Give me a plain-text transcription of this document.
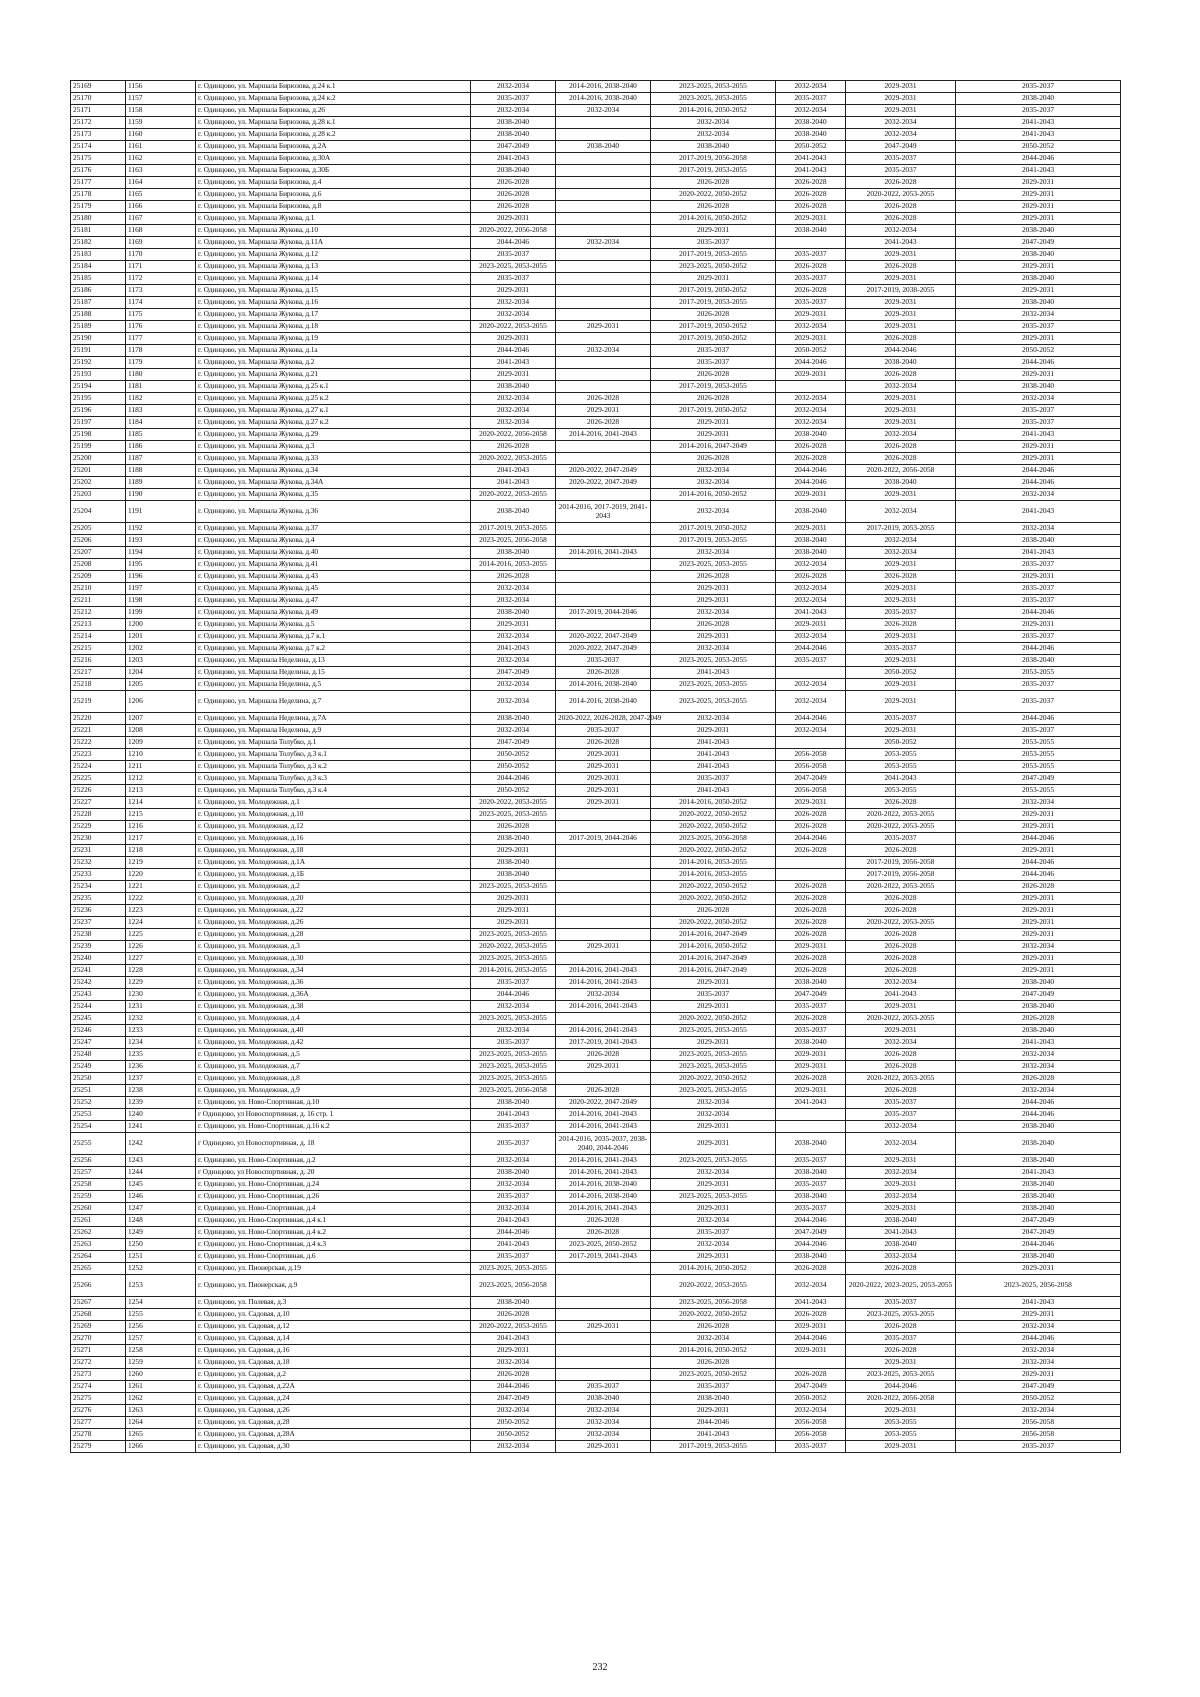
25169	1156	г. Одинцово, ул. Маршала Бирюзова, д.24 к.1	2032-2034	2014-2016, 2038-2040	2023-2025, 2053-2055	2032-2034	2029-2031	2035-2037
25170	1157	г. Одинцово, ул. Маршала Бирюзова, д.24 к.2	2035-2037	2014-2016, 2038-2040	2023-2025, 2053-2055	2035-2037	2029-2031	2038-2040
25171	1158	г. Одинцово, ул. Маршала Бирюзова, д.26	2032-2034	2032-2034	2014-2016, 2050-2052	2032-2034	2029-2031	2035-2037
25172	1159	г. Одинцово, ул. Маршала Бирюзова, д.28 к.1	2038-2040		2032-2034	2038-2040	2032-2034	2041-2043
25173	1160	г. Одинцово, ул. Маршала Бирюзова, д.28 к.2	2038-2040		2032-2034	2038-2040	2032-2034	2041-2043
25174	1161	г. Одинцово, ул. Маршала Бирюзова, д.2А	2047-2049	2038-2040	2038-2040	2050-2052	2047-2049	2050-2052
25175	1162	г. Одинцово, ул. Маршала Бирюзова, д.30А	2041-2043		2017-2019, 2056-2058	2041-2043	2035-2037	2044-2046
25176	1163	г. Одинцово, ул. Маршала Бирюзова, д.30Б	2038-2040		2017-2019, 2053-2055	2041-2043	2035-2037	2041-2043
25177	1164	г. Одинцово, ул. Маршала Бирюзова, д.4	2026-2028		2026-2028	2026-2028	2026-2028	2029-2031
25178	1165	г. Одинцово, ул. Маршала Бирюзова, д.6	2026-2028		2020-2022, 2050-2052	2026-2028	2020-2022, 2053-2055	2029-2031
25179	1166	г. Одинцово, ул. Маршала Бирюзова, д.8	2026-2028		2026-2028	2026-2028	2026-2028	2029-2031
25180	1167	г. Одинцово, ул. Маршала Жукова, д.1	2029-2031		2014-2016, 2050-2052	2029-2031	2026-2028	2029-2031
25181	1168	г. Одинцово, ул. Маршала Жукова, д.10	2020-2022, 2056-2058		2029-2031	2038-2040	2032-2034	2038-2040
25182	1169	г. Одинцово, ул. Маршала Жукова, д.11А	2044-2046	2032-2034	2035-2037		2041-2043	2047-2049
25183	1170	г. Одинцово, ул. Маршала Жукова, д.12	2035-2037		2017-2019, 2053-2055	2035-2037	2029-2031	2038-2040
25184	1171	г. Одинцово, ул. Маршала Жукова, д.13	2023-2025, 2053-2055		2023-2025, 2050-2052	2026-2028	2026-2028	2029-2031
25185	1172	г. Одинцово, ул. Маршала Жукова, д.14	2035-2037		2029-2031	2035-2037	2029-2031	2038-2040
25186	1173	г. Одинцово, ул. Маршала Жукова, д.15	2029-2031		2017-2019, 2050-2052	2026-2028	2017-2019, 2038-2055	2029-2031
25187	1174	г. Одинцово, ул. Маршала Жукова, д.16	2032-2034		2017-2019, 2053-2055	2035-2037	2029-2031	2038-2040
25188	1175	г. Одинцово, ул. Маршала Жукова, д.17	2032-2034		2026-2028	2029-2031	2029-2031	2032-2034
25189	1176	г. Одинцово, ул. Маршала Жукова, д.18	2020-2022, 2053-2055	2029-2031	2017-2019, 2050-2052	2032-2034	2029-2031	2035-2037
25190	1177	г. Одинцово, ул. Маршала Жукова, д.19	2029-2031		2017-2019, 2050-2052	2029-2031	2026-2028	2029-2031
25191	1178	г. Одинцово, ул. Маршала Жукова, д.1а	2044-2046	2032-2034	2035-2037	2050-2052	2044-2046	2050-2052
25192	1179	г. Одинцово, ул. Маршала Жукова, д.2	2041-2043		2035-2037	2044-2046	2038-2040	2044-2046
25193	1180	г. Одинцово, ул. Маршала Жукова, д.21	2029-2031		2026-2028	2029-2031	2026-2028	2029-2031
25194	1181	г. Одинцово, ул. Маршала Жукова, д.25 к.1	2038-2040		2017-2019, 2053-2055		2032-2034	2038-2040
25195	1182	г. Одинцово, ул. Маршала Жукова, д.25 к.2	2032-2034	2026-2028	2026-2028	2032-2034	2029-2031	2032-2034
25196	1183	г. Одинцово, ул. Маршала Жукова, д.27 к.1	2032-2034	2029-2031	2017-2019, 2050-2052	2032-2034	2029-2031	2035-2037
25197	1184	г. Одинцово, ул. Маршала Жукова, д.27 к.2	2032-2034	2026-2028	2029-2031	2032-2034	2029-2031	2035-2037
25198	1185	г. Одинцово, ул. Маршала Жукова, д.29	2020-2022, 2056-2058	2014-2016, 2041-2043	2029-2031	2038-2040	2032-2034	2041-2043
25199	1186	г. Одинцово, ул. Маршала Жукова, д.3	2026-2028		2014-2016, 2047-2049	2026-2028	2026-2028	2029-2031
25200	1187	г. Одинцово, ул. Маршала Жукова, д.33	2020-2022, 2053-2055		2026-2028	2026-2028	2026-2028	2029-2031
25201	1188	г. Одинцово, ул. Маршала Жукова, д.34	2041-2043	2020-2022, 2047-2049	2032-2034	2044-2046	2020-2022, 2056-2058	2044-2046
25202	1189	г. Одинцово, ул. Маршала Жукова, д.34А	2041-2043	2020-2022, 2047-2049	2032-2034	2044-2046	2038-2040	2044-2046
25203	1190	г. Одинцово, ул. Маршала Жукова, д.35	2020-2022, 2053-2055		2014-2016, 2050-2052	2029-2031	2029-2031	2032-2034
25204	1191	г. Одинцово, ул. Маршала Жукова, д.36	2038-2040	2014-2016, 2017-2019, 2041-2043	2032-2034	2038-2040	2032-2034	2041-2043
25205	1192	г. Одинцово, ул. Маршала Жукова, д.37	2017-2019, 2053-2055		2017-2019, 2050-2052	2029-2031	2017-2019, 2053-2055	2032-2034
25206	1193	г. Одинцово, ул. Маршала Жукова, д.4	2023-2025, 2056-2058		2017-2019, 2053-2055	2038-2040	2032-2034	2038-2040
25207	1194	г. Одинцово, ул. Маршала Жукова, д.40	2038-2040	2014-2016, 2041-2043	2032-2034	2038-2040	2032-2034	2041-2043
25208	1195	г. Одинцово, ул. Маршала Жукова, д.41	2014-2016, 2053-2055		2023-2025, 2053-2055	2032-2034	2029-2031	2035-2037
25209	1196	г. Одинцово, ул. Маршала Жукова, д.43	2026-2028		2026-2028	2026-2028	2026-2028	2029-2031
25210	1197	г. Одинцово, ул. Маршала Жукова, д.45	2032-2034		2029-2031	2032-2034	2029-2031	2035-2037
25211	1198	г. Одинцово, ул. Маршала Жукова, д.47	2032-2034		2029-2031	2032-2034	2029-2031	2035-2037
25212	1199	г. Одинцово, ул. Маршала Жукова, д.49	2038-2040	2017-2019, 2044-2046	2032-2034	2041-2043	2035-2037	2044-2046
25213	1200	г. Одинцово, ул. Маршала Жукова, д.5	2029-2031		2026-2028	2029-2031	2026-2028	2029-2031
25214	1201	г. Одинцово, ул. Маршала Жукова, д.7 к.1	2032-2034	2020-2022, 2047-2049	2029-2031	2032-2034	2029-2031	2035-2037
25215	1202	г. Одинцово, ул. Маршала Жукова, д.7 к.2	2041-2043	2020-2022, 2047-2049	2032-2034	2044-2046	2035-2037	2044-2046
25216	1203	г. Одинцово, ул. Маршала Неделина, д.13	2032-2034	2035-2037	2023-2025, 2053-2055	2035-2037	2029-2031	2038-2040
25217	1204	г. Одинцово, ул. Маршала Неделина, д.15	2047-2049	2026-2028	2041-2043		2050-2052	2053-2055
25218	1205	г. Одинцово, ул. Маршала Неделина, д.5	2032-2034	2014-2016, 2038-2040	2023-2025, 2053-2055	2032-2034	2029-2031	2035-2037
25219	1206	г. Одинцово, ул. Маршала Неделина, д.7	2032-2034	2014-2016, 2038-2040	2023-2025, 2053-2055	2032-2034	2029-2031	2035-2037
25220	1207	г. Одинцово, ул. Маршала Неделина, д.7А	2038-2040	2020-2022, 2026-2028, 2047-2049	2032-2034	2044-2046	2035-2037	2044-2046
25221	1208	г. Одинцово, ул. Маршала Неделина, д.9	2032-2034	2035-2037	2029-2031	2032-2034	2029-2031	2035-2037
25222	1209	г. Одинцово, ул. Маршала Толубко, д.1	2047-2049	2026-2028	2041-2043		2050-2052	2053-2055
25223	1210	г. Одинцово, ул. Маршала Толубко, д.3 к.1	2050-2052	2029-2031	2041-2043	2056-2058	2053-2055	2053-2055
25224	1211	г. Одинцово, ул. Маршала Толубко, д.3 к.2	2050-2052	2029-2031	2041-2043	2056-2058	2053-2055	2053-2055
25225	1212	г. Одинцово, ул. Маршала Толубко, д.3 к.3	2044-2046	2029-2031	2035-2037	2047-2049	2041-2043	2047-2049
25226	1213	г. Одинцово, ул. Маршала Толубко, д.3 к.4	2050-2052	2029-2031	2041-2043	2056-2058	2053-2055	2053-2055
25227	1214	г. Одинцово, ул. Молодежная, д.1	2020-2022, 2053-2055	2029-2031	2014-2016, 2050-2052	2029-2031	2026-2028	2032-2034
25228	1215	г. Одинцово, ул. Молодежная, д.10	2023-2025, 2053-2055		2020-2022, 2050-2052	2026-2028	2020-2022, 2053-2055	2029-2031
25229	1216	г. Одинцово, ул. Молодежная, д.12	2026-2028		2020-2022, 2050-2052	2026-2028	2020-2022, 2053-2055	2029-2031
25230	1217	г. Одинцово, ул. Молодежная, д.16	2038-2040	2017-2019, 2044-2046	2023-2025, 2056-2058	2044-2046	2035-2037	2044-2046
25231	1218	г. Одинцово, ул. Молодежная, д.18	2029-2031		2020-2022, 2050-2052	2026-2028	2026-2028	2029-2031
25232	1219	г. Одинцово, ул. Молодежная, д.1А	2038-2040		2014-2016, 2053-2055		2017-2019, 2056-2058	2044-2046
25233	1220	г. Одинцово, ул. Молодежная, д.1Б	2038-2040		2014-2016, 2053-2055		2017-2019, 2056-2058	2044-2046
25234	1221	г. Одинцово, ул. Молодежная, д.2	2023-2025, 2053-2055		2020-2022, 2050-2052	2026-2028	2020-2022, 2053-2055	2026-2028
25235	1222	г. Одинцово, ул. Молодежная, д.20	2029-2031		2020-2022, 2050-2052	2026-2028	2026-2028	2029-2031
25236	1223	г. Одинцово, ул. Молодежная, д.22	2029-2031		2026-2028	2026-2028	2026-2028	2029-2031
25237	1224	г. Одинцово, ул. Молодежная, д.26	2029-2031		2020-2022, 2050-2052	2026-2028	2020-2022, 2053-2055	2029-2031
25238	1225	г. Одинцово, ул. Молодежная, д.28	2023-2025, 2053-2055		2014-2016, 2047-2049	2026-2028	2026-2028	2029-2031
25239	1226	г. Одинцово, ул. Молодежная, д.3	2020-2022, 2053-2055	2029-2031	2014-2016, 2050-2052	2029-2031	2026-2028	2032-2034
25240	1227	г. Одинцово, ул. Молодежная, д.30	2023-2025, 2053-2055		2014-2016, 2047-2049	2026-2028	2026-2028	2029-2031
25241	1228	г. Одинцово, ул. Молодежная, д.34	2014-2016, 2053-2055	2014-2016, 2041-2043	2014-2016, 2047-2049	2026-2028	2026-2028	2029-2031
25242	1229	г. Одинцово, ул. Молодежная, д.36	2035-2037	2014-2016, 2041-2043	2029-2031	2038-2040	2032-2034	2038-2040
25243	1230	г. Одинцово, ул. Молодежная, д.36А	2044-2046	2032-2034	2035-2037	2047-2049	2041-2043	2047-2049
25244	1231	г. Одинцово, ул. Молодежная, д.38	2032-2034	2014-2016, 2041-2043	2029-2031	2035-2037	2029-2031	2038-2040
25245	1232	г. Одинцово, ул. Молодежная, д.4	2023-2025, 2053-2055		2020-2022, 2050-2052	2026-2028	2020-2022, 2053-2055	2026-2028
25246	1233	г. Одинцово, ул. Молодежная, д.40	2032-2034	2014-2016, 2041-2043	2023-2025, 2053-2055	2035-2037	2029-2031	2038-2040
25247	1234	г. Одинцово, ул. Молодежная, д.42	2035-2037	2017-2019, 2041-2043	2029-2031	2038-2040	2032-2034	2041-2043
25248	1235	г. Одинцово, ул. Молодежная, д.5	2023-2025, 2053-2055	2026-2028	2023-2025, 2053-2055	2029-2031	2026-2028	2032-2034
25249	1236	г. Одинцово, ул. Молодежная, д.7	2023-2025, 2053-2055	2029-2031	2023-2025, 2053-2055	2029-2031	2026-2028	2032-2034
25250	1237	г. Одинцово, ул. Молодежная, д.8	2023-2025, 2053-2055		2020-2022, 2050-2052	2026-2028	2020-2022, 2053-2055	2026-2028
25251	1238	г. Одинцово, ул. Молодежная, д.9	2023-2025, 2056-2058	2026-2028	2023-2025, 2053-2055	2029-2031	2026-2028	2032-2034
25252	1239	г. Одинцово, ул. Ново-Спортивная, д.10	2038-2040	2020-2022, 2047-2049	2032-2034	2041-2043	2035-2037	2044-2046
25253	1240	г Одинцово, ул Новоспортивная, д. 16 стр. 1	2041-2043	2014-2016, 2041-2043	2032-2034		2035-2037	2044-2046
25254	1241	г. Одинцово, ул. Ново-Спортивная, д.16 к.2	2035-2037	2014-2016, 2041-2043	2029-2031		2032-2034	2038-2040
25255	1242	г Одинцово, ул Новоспортивная, д. 18	2035-2037	2014-2016, 2035-2037, 2038-2040, 2044-2046	2029-2031	2038-2040	2032-2034	2038-2040
25256	1243	г. Одинцово, ул. Ново-Спортивная, д.2	2032-2034	2014-2016, 2041-2043	2023-2025, 2053-2055	2035-2037	2029-2031	2038-2040
25257	1244	г Одинцово, ул Новоспортивная, д. 20	2038-2040	2014-2016, 2041-2043	2032-2034	2038-2040	2032-2034	2041-2043
25258	1245	г. Одинцово, ул. Ново-Спортивная, д.24	2032-2034	2014-2016, 2038-2040	2029-2031	2035-2037	2029-2031	2038-2040
25259	1246	г. Одинцово, ул. Ново-Спортивная, д.26	2035-2037	2014-2016, 2038-2040	2023-2025, 2053-2055	2038-2040	2032-2034	2038-2040
25260	1247	г. Одинцово, ул. Ново-Спортивная, д.4	2032-2034	2014-2016, 2041-2043	2029-2031	2035-2037	2029-2031	2038-2040
25261	1248	г. Одинцово, ул. Ново-Спортивная, д.4 к.1	2041-2043	2026-2028	2032-2034	2044-2046	2038-2040	2047-2049
25262	1249	г. Одинцово, ул. Ново-Спортивная, д.4 к.2	2044-2046	2026-2028	2035-2037	2047-2049	2041-2043	2047-2049
25263	1250	г. Одинцово, ул. Ново-Спортивная, д.4 к.3	2041-2043	2023-2025, 2050-2052	2032-2034	2044-2046	2038-2040	2044-2046
25264	1251	г. Одинцово, ул. Ново-Спортивная, д.6	2035-2037	2017-2019, 2041-2043	2029-2031	2038-2040	2032-2034	2038-2040
25265	1252	г. Одинцово, ул. Пионерская, д.19	2023-2025, 2053-2055		2014-2016, 2050-2052	2026-2028	2026-2028	2029-2031
25266	1253	г. Одинцово, ул. Пионерская, д.9	2023-2025, 2056-2058		2020-2022, 2053-2055	2032-2034	2020-2022, 2023-2025, 2053-2055	2023-2025, 2056-2058
25267	1254	г. Одинцово, ул. Полевая, д.3	2038-2040		2023-2025, 2056-2058	2041-2043	2035-2037	2041-2043
25268	1255	г. Одинцово, ул. Садовая, д.10	2026-2028		2020-2022, 2050-2052	2026-2028	2023-2025, 2053-2055	2029-2031
25269	1256	г. Одинцово, ул. Садовая, д.12	2020-2022, 2053-2055	2029-2031	2026-2028	2029-2031	2026-2028	2032-2034
25270	1257	г. Одинцово, ул. Садовая, д.14	2041-2043		2032-2034	2044-2046	2035-2037	2044-2046
25271	1258	г. Одинцово, ул. Садовая, д.16	2029-2031		2014-2016, 2050-2052	2029-2031	2026-2028	2032-2034
25272	1259	г. Одинцово, ул. Садовая, д.18	2032-2034		2026-2028		2029-2031	2032-2034
25273	1260	г. Одинцово, ул. Садовая, д.2	2026-2028		2023-2025, 2050-2052	2026-2028	2023-2025, 2053-2055	2029-2031
25274	1261	г. Одинцово, ул. Садовая, д.22А	2044-2046	2035-2037	2035-2037	2047-2049	2044-2046	2047-2049
25275	1262	г. Одинцово, ул. Садовая, д.24	2047-2049	2038-2040	2038-2040	2050-2052	2020-2022, 2056-2058	2050-2052
25276	1263	г. Одинцово, ул. Садовая, д.26	2032-2034	2032-2034	2029-2031	2032-2034	2029-2031	2032-2034
25277	1264	г. Одинцово, ул. Садовая, д.28	2050-2052	2032-2034	2044-2046	2056-2058	2053-2055	2056-2058
25278	1265	г. Одинцово, ул. Садовая, д.28А	2050-2052	2032-2034	2041-2043	2056-2058	2053-2055	2056-2058
25279	1266	г. Одинцово, ул. Садовая, д.30	2032-2034	2029-2031	2017-2019, 2053-2055	2035-2037	2029-2031	2035-2037
232
